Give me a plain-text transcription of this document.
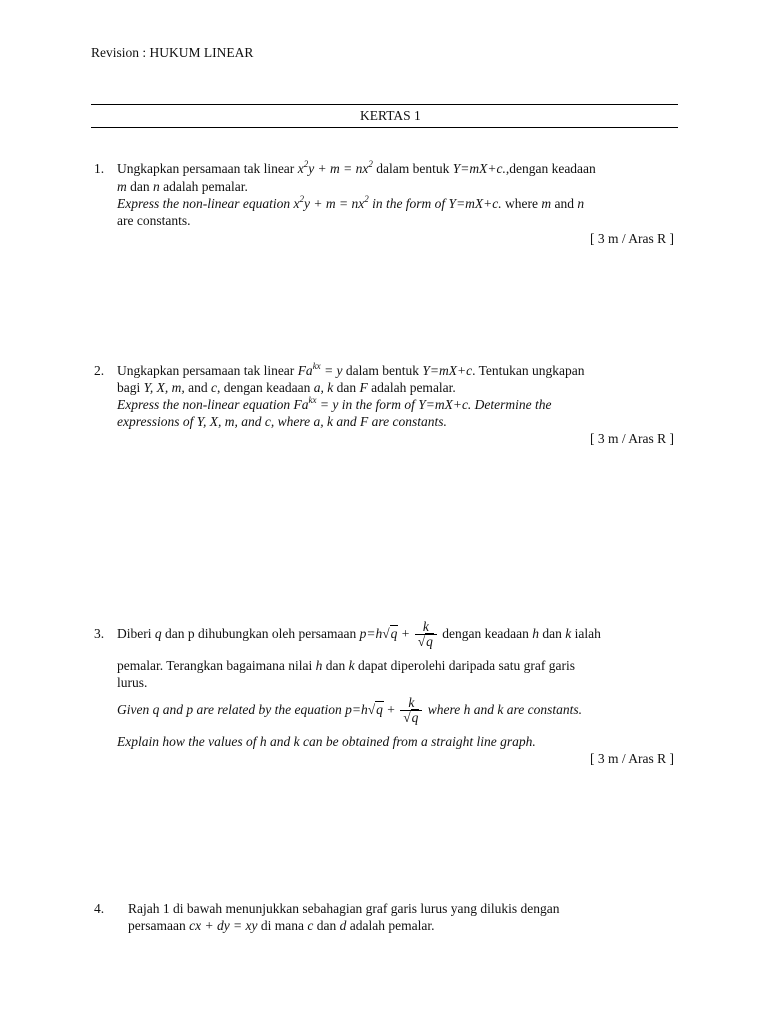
Revision : HUKUM LINEAR
KERTAS 1
1. Ungkapkan persamaan tak linear $x^2y + m = nx^2$ dalam bentuk Y=mX+c.,dengan keadaan
m dan n adalah pemalar.
Express the non-linear equation $x^2y + m = nx^2$ in the form of Y=mX+c. where m and n
are constants.
[ 3 m / Aras R ]
2. Ungkapkan persamaan tak linear $Fa^{kx} = y$ dalam bentuk Y=mX+c. Tentukan ungkapan
bagi Y, X, m, and c, dengan keadaan a, k dan F adalah pemalar.
Express the non-linear equation $Fa^{kx} = y$ in the form of Y=mX+c. Determine the
expressions of Y, X, m, and c, where a, k and F are constants.
[ 3 m / Aras R ]
3. Diberi q dan p dihubungkan oleh persamaan $p=h√q + \frac{k}{√q}$ dengan keadaan h dan k ialah
pemalar. Terangkan bagaimana nilai h dan k dapat diperolehi daripada satu graf garis
lurus.
Given q and p are related by the equation $p=h√q + \frac{k}{√q}$ where h and k are constants.
Explain how the values of h and k can be obtained from a straight line graph.
[ 3 m / Aras R ]
4. Rajah 1 di bawah menunjukkan sebahagian graf garis lurus yang dilukis dengan
persamaan cx + dy = xy di mana c dan d adalah pemalar.
